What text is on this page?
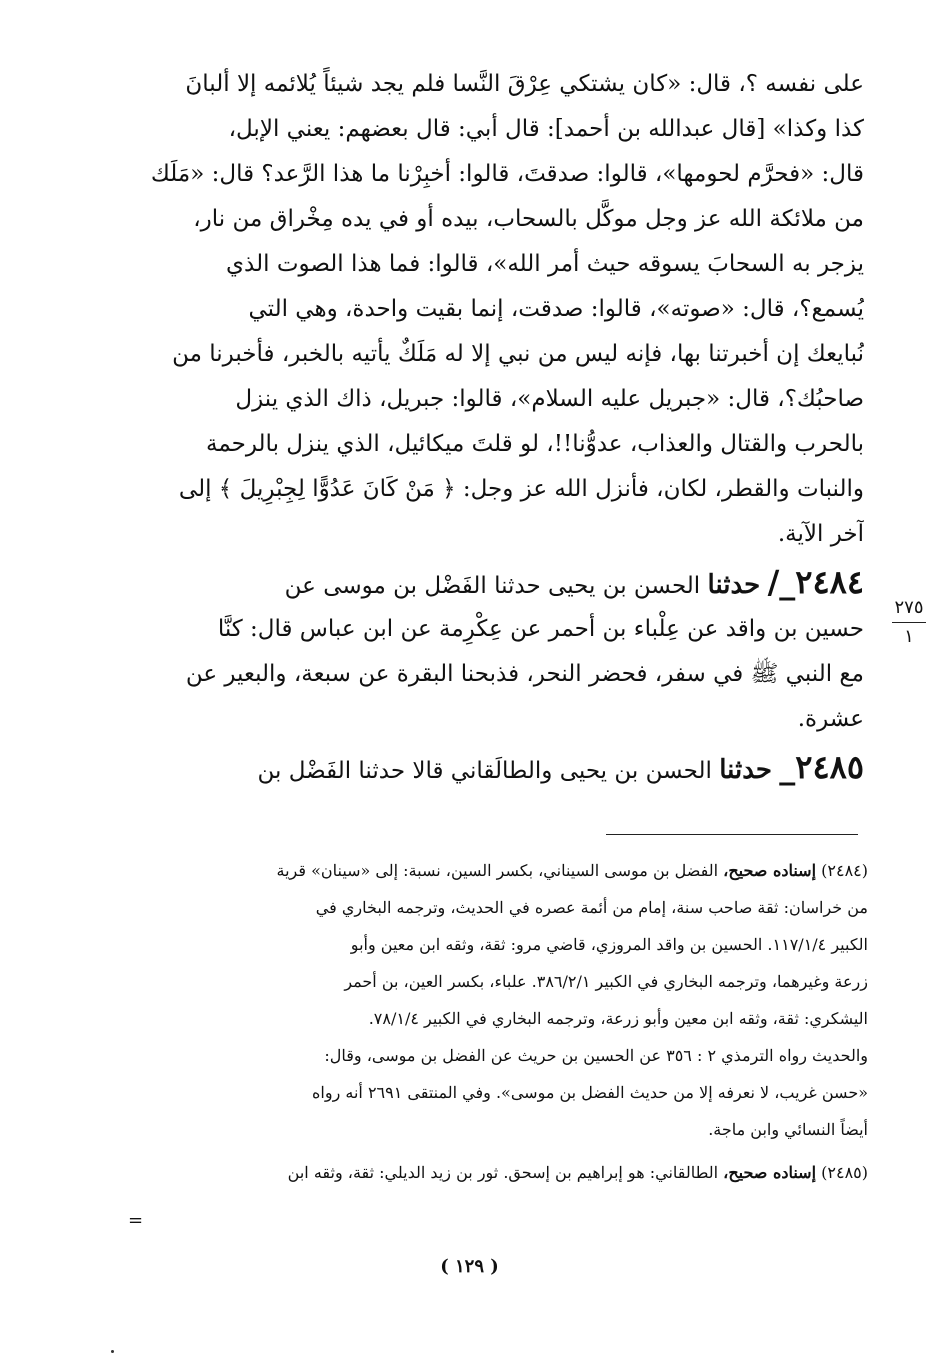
على نفسه ؟، قال: «كان يشتكي عِرْقَ النَّسا فلم يجد شيئاً يُلائمه إلا ألبانَ
كذا وكذا» [قال عبدالله بن أحمد]: قال أبي: قال بعضهم: يعني الإبل،
قال: «فحرَّم لحومها»، قالوا: صدقتَ، قالوا: أخبِرْنا ما هذا الرَّعد؟ قال: «مَلَك
من ملائكة الله عز وجل موكَّل بالسحاب، بيده أو في يده مِخْراق من نار،
يزجر به السحابَ يسوقه حيث أمر الله»، قالوا: فما هذا الصوت الذي
يُسمع؟، قال: «صوته»، قالوا: صدقت، إنما بقيت واحدة، وهي التي
نُبايعك إن أخبرتنا بها، فإنه ليس من نبي إلا له مَلَكٌ يأتيه بالخبر، فأخبرنا من
صاحبُك؟، قال: «جبريل عليه السلام»، قالوا: جبريل، ذاك الذي ينزل
بالحرب والقتال والعذاب، عدوُّنا!!، لو قلتَ ميكائيل، الذي ينزل بالرحمة
والنبات والقطر، لكان، فأنزل الله عز وجل: ﴿ مَنْ كَانَ عَدُوًّا لِجِبْرِيلَ ﴾ إلى
آخر الآية.
٢٤٨٤_/ حدثنا الحسن بن يحيى حدثنا الفَضْل بن موسى عن
حسين بن واقد عن عِلْباء بن أحمر عن عِكْرِمة عن ابن عباس قال: كنَّا
مع النبي ﷺ في سفر، فحضر النحر، فذبحنا البقرة عن سبعة، والبعير عن
عشرة.
٢٤٨٥_ حدثنا الحسن بن يحيى والطالَقاني قالا حدثنا الفَضْل بن
٢٧٥
١
(٢٤٨٤) إسناده صحيح، الفضل بن موسى السيناني، بكسر السين، نسبة: إلى «سينان» قرية
من خراسان: ثقة صاحب سنة، إمام من أئمة عصره في الحديث، وترجمه البخاري في
الكبير ١١٧/١/٤. الحسين بن واقد المروزي، قاضي مرو: ثقة، وثقه ابن معين وأبو
زرعة وغيرهما، وترجمه البخاري في الكبير ٣٨٦/٢/١. علباء، بكسر العين، بن أحمر
اليشكري: ثقة، وثقه ابن معين وأبو زرعة، وترجمه البخاري في الكبير ٧٨/١/٤.
والحديث رواه الترمذي ٢ : ٣٥٦ عن الحسين بن حريث عن الفضل بن موسى، وقال:
«حسن غريب، لا نعرفه إلا من حديث الفضل بن موسى». وفي المنتقى ٢٦٩١ أنه رواه
أيضاً النسائي وابن ماجة.
(٢٤٨٥) إسناده صحيح، الطالقاني: هو إبراهيم بن إسحق. ثور بن زيد الديلي: ثقة، وثقه ابن
=
( ١٢٩ )
